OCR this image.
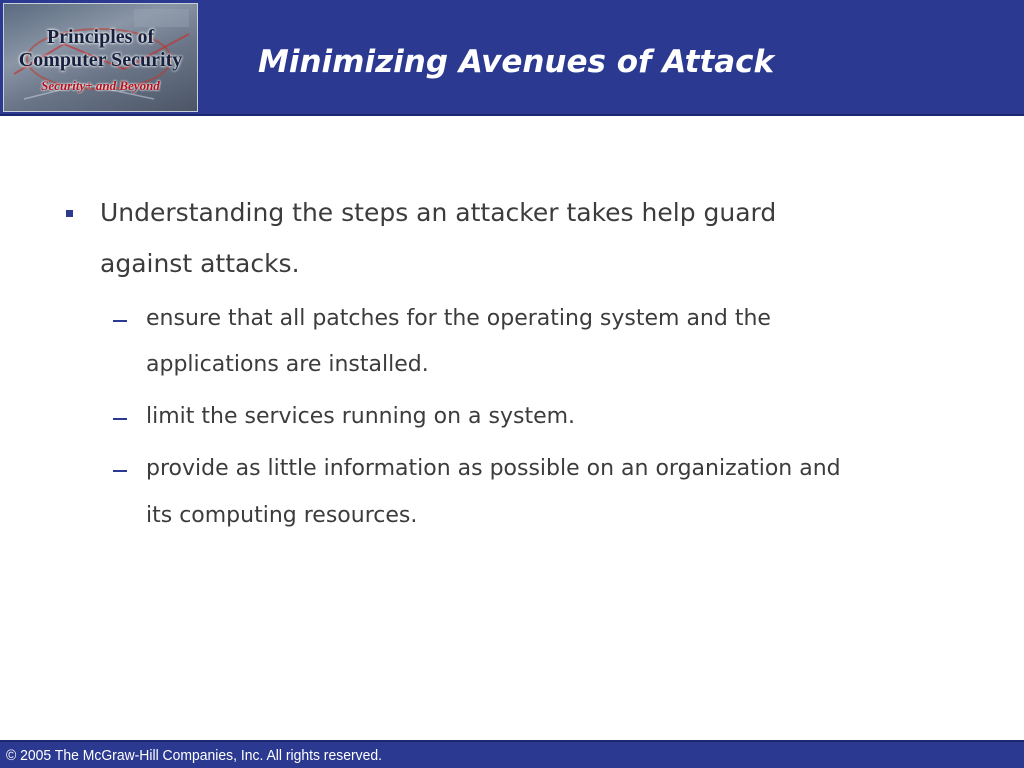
Principles of
Computer Security
Security+ and Beyond
Minimizing Avenues of Attack
Understanding the steps an attacker takes help guard
against attacks.
ensure that all patches for the operating system and the
applications are installed.
limit the services running on a system.
provide as little information as possible on an organization and
its computing resources.
© 2005 The McGraw-Hill Companies, Inc. All rights reserved.
